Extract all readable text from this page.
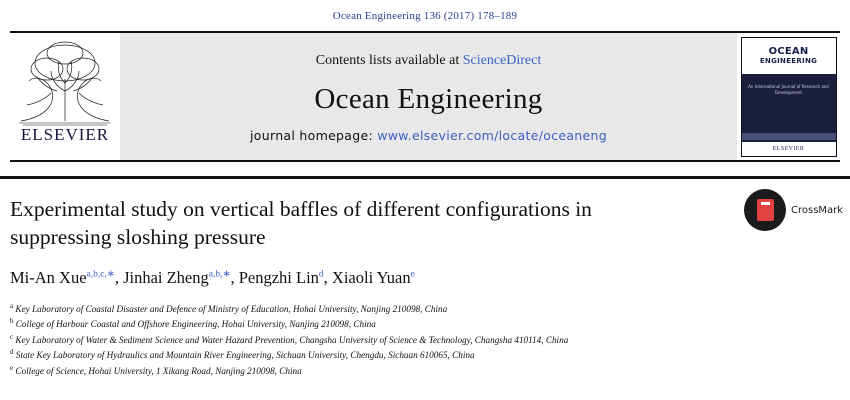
Ocean Engineering 136 (2017) 178–189
ELSEVIER
Contents lists available at ScienceDirect
Ocean Engineering
journal homepage: www.elsevier.com/locate/oceaneng
OCEAN
ENGINEERING
An International Journal of Research and Development
ELSEVIER
CrossMark
Experimental study on vertical baffles of different configurations in suppressing sloshing pressure
Mi-An Xue$^{a,b,c,∗}$, Jinhai Zheng$^{a,b,∗}$, Pengzhi Lin$^d$, Xiaoli Yuan$^e$
$^a$ Key Laboratory of Coastal Disaster and Defence of Ministry of Education, Hohai University, Nanjing 210098, China
$^b$ College of Harbour Coastal and Offshore Engineering, Hohai University, Nanjing 210098, China
$^c$ Key Laboratory of Water & Sediment Science and Water Hazard Prevention, Changsha University of Science & Technology, Changsha 410114, China
$^d$ State Key Laboratory of Hydraulics and Mountain River Engineering, Sichuan University, Chengdu, Sichuan 610065, China
$^e$ College of Science, Hohai University, 1 Xikang Road, Nanjing 210098, China
